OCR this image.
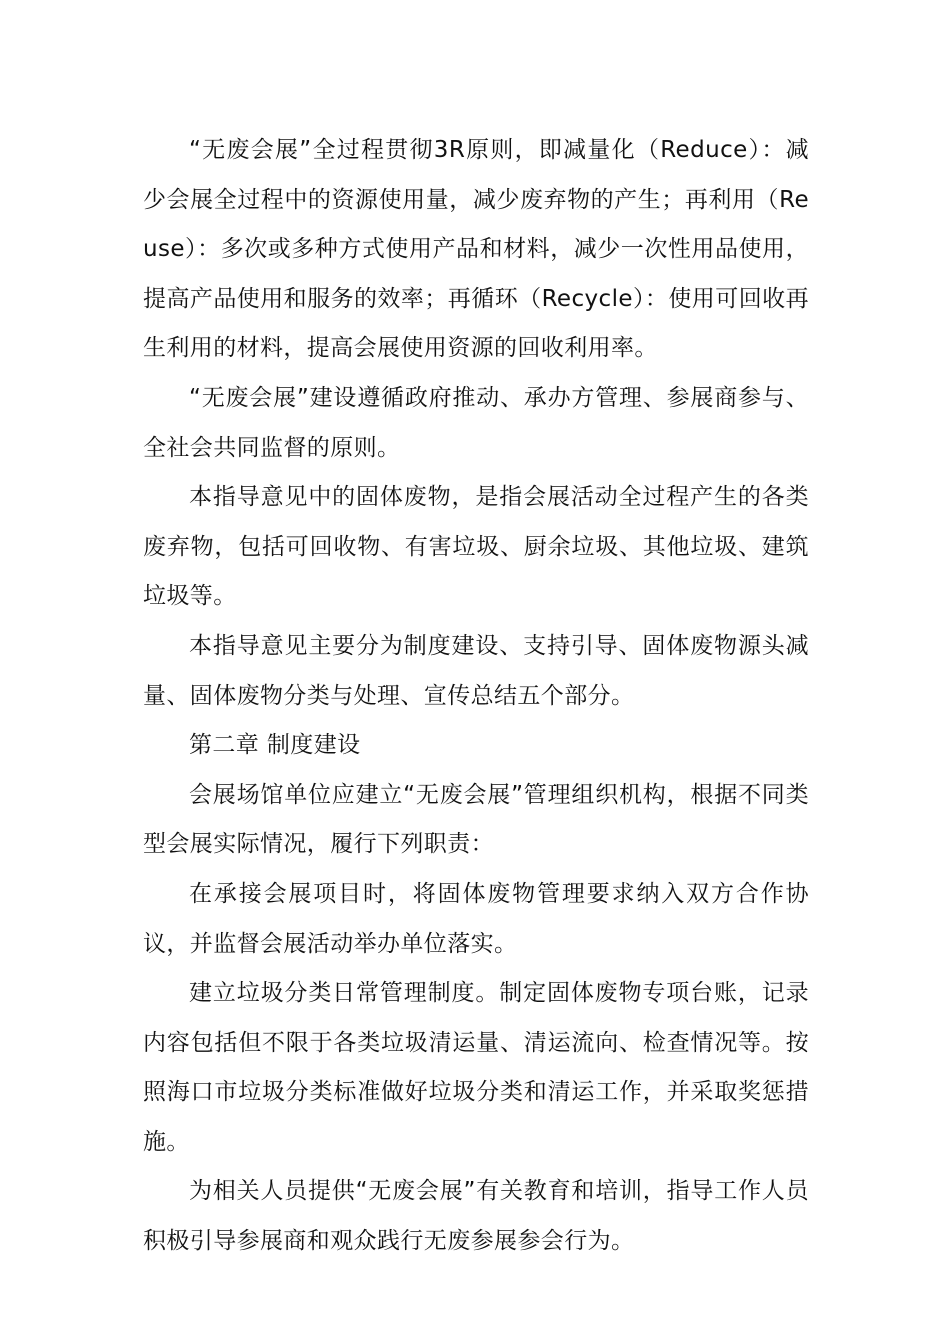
“无废会展”全过程贯彻3R原则，即减量化（Reduce）：减少会展全过程中的资源使用量，减少废弃物的产生；再利用（Reuse）：多次或多种方式使用产品和材料，减少一次性用品使用，提高产品使用和服务的效率；再循环（Recycle）：使用可回收再生利用的材料，提高会展使用资源的回收利用率。

“无废会展”建设遵循政府推动、承办方管理、参展商参与、全社会共同监督的原则。

本指导意见中的固体废物，是指会展活动全过程产生的各类废弃物，包括可回收物、有害垃圾、厨余垃圾、其他垃圾、建筑垃圾等。

本指导意见主要分为制度建设、支持引导、固体废物源头减量、固体废物分类与处理、宣传总结五个部分。

第二章 制度建设

会展场馆单位应建立“无废会展”管理组织机构，根据不同类型会展实际情况，履行下列职责：

在承接会展项目时，将固体废物管理要求纳入双方合作协议，并监督会展活动举办单位落实。

建立垃圾分类日常管理制度。制定固体废物专项台账，记录内容包括但不限于各类垃圾清运量、清运流向、检查情况等。按照海口市垃圾分类标准做好垃圾分类和清运工作，并采取奖惩措施。

为相关人员提供“无废会展”有关教育和培训，指导工作人员积极引导参展商和观众践行无废参展参会行为。
